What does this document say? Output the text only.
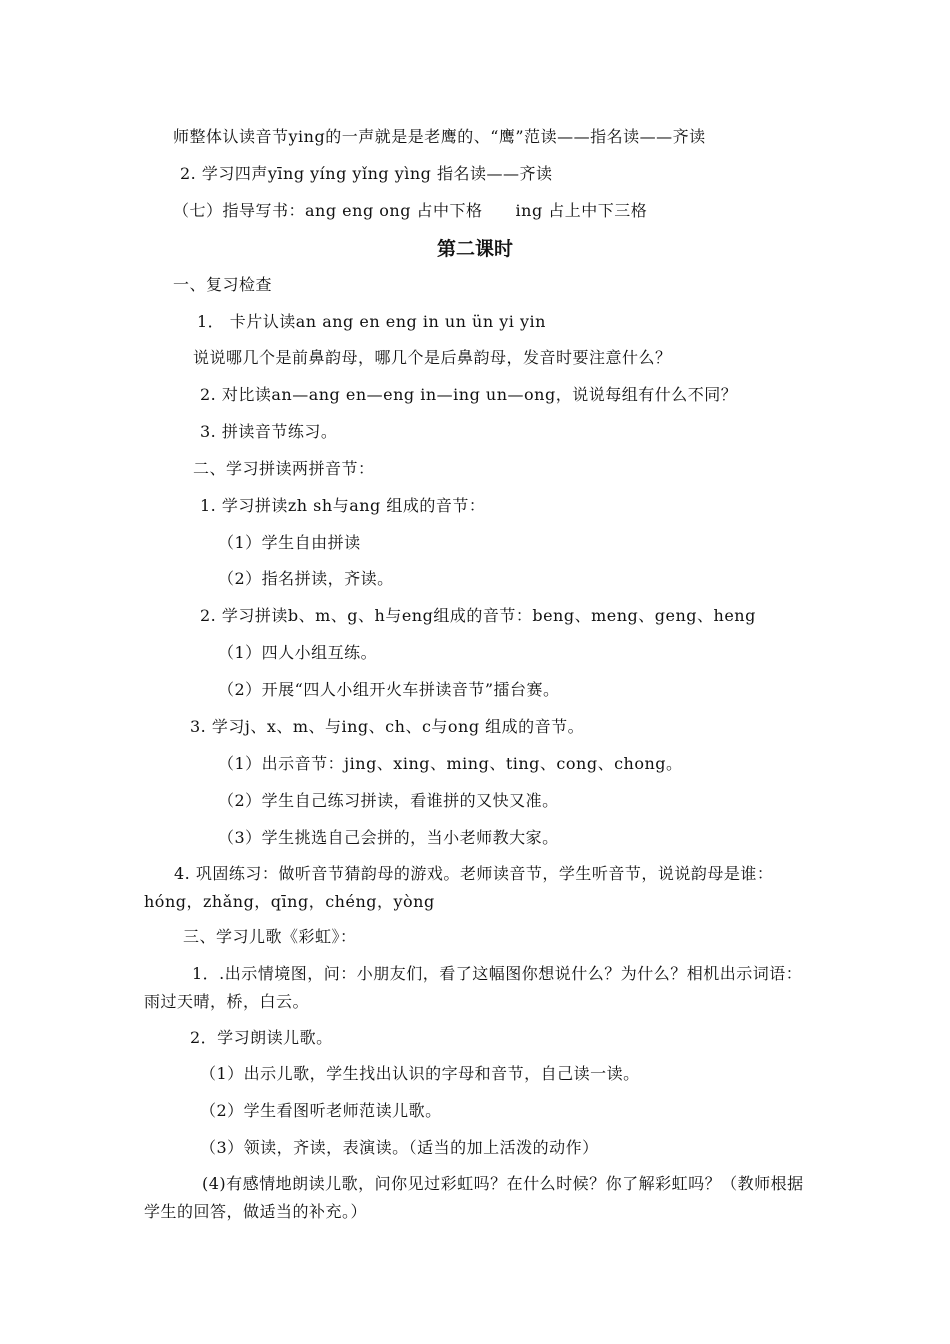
师整体认读音节ying的一声就是是老鹰的、“鹰”范读——指名读——齐读
2. 学习四声yīng yíng yǐng yìng 指名读——齐读
（七）指导写书：ang eng ong 占中下格　　ing 占上中下三格
第二课时
一、复习检查
1． 卡片认读an ang en eng in un ün yi yin
说说哪几个是前鼻韵母，哪几个是后鼻韵母，发音时要注意什么？
2. 对比读an—ang en—eng in—ing un—ong，说说每组有什么不同？
3. 拼读音节练习。
二、学习拼读两拼音节：
1. 学习拼读zh sh与ang 组成的音节：
（1）学生自由拼读
（2）指名拼读，齐读。
2. 学习拼读b、m、g、h与eng组成的音节：beng、meng、geng、heng
（1）四人小组互练。
（2）开展“四人小组开火车拼读音节”擂台赛。
3. 学习j、x、m、与ing、ch、c与ong 组成的音节。
（1）出示音节：jing、xing、ming、ting、cong、chong。
（2）学生自己练习拼读，看谁拼的又快又准。
（3）学生挑选自己会拼的，当小老师教大家。
4. 巩固练习：做听音节猜韵母的游戏。老师读音节，学生听音节，说说韵母是谁：hóng，zhǎng，qīng，chéng，yòng
三、学习儿歌《彩虹》：
1．.出示情境图，问：小朋友们，看了这幅图你想说什么？为什么？相机出示词语：雨过天晴，桥，白云。
2．学习朗读儿歌。
（1）出示儿歌，学生找出认识的字母和音节，自己读一读。
（2）学生看图听老师范读儿歌。
（3）领读，齐读，表演读。（适当的加上活泼的动作）
(4)有感情地朗读儿歌，问你见过彩虹吗？在什么时候？你了解彩虹吗？（教师根据学生的回答，做适当的补充。）
